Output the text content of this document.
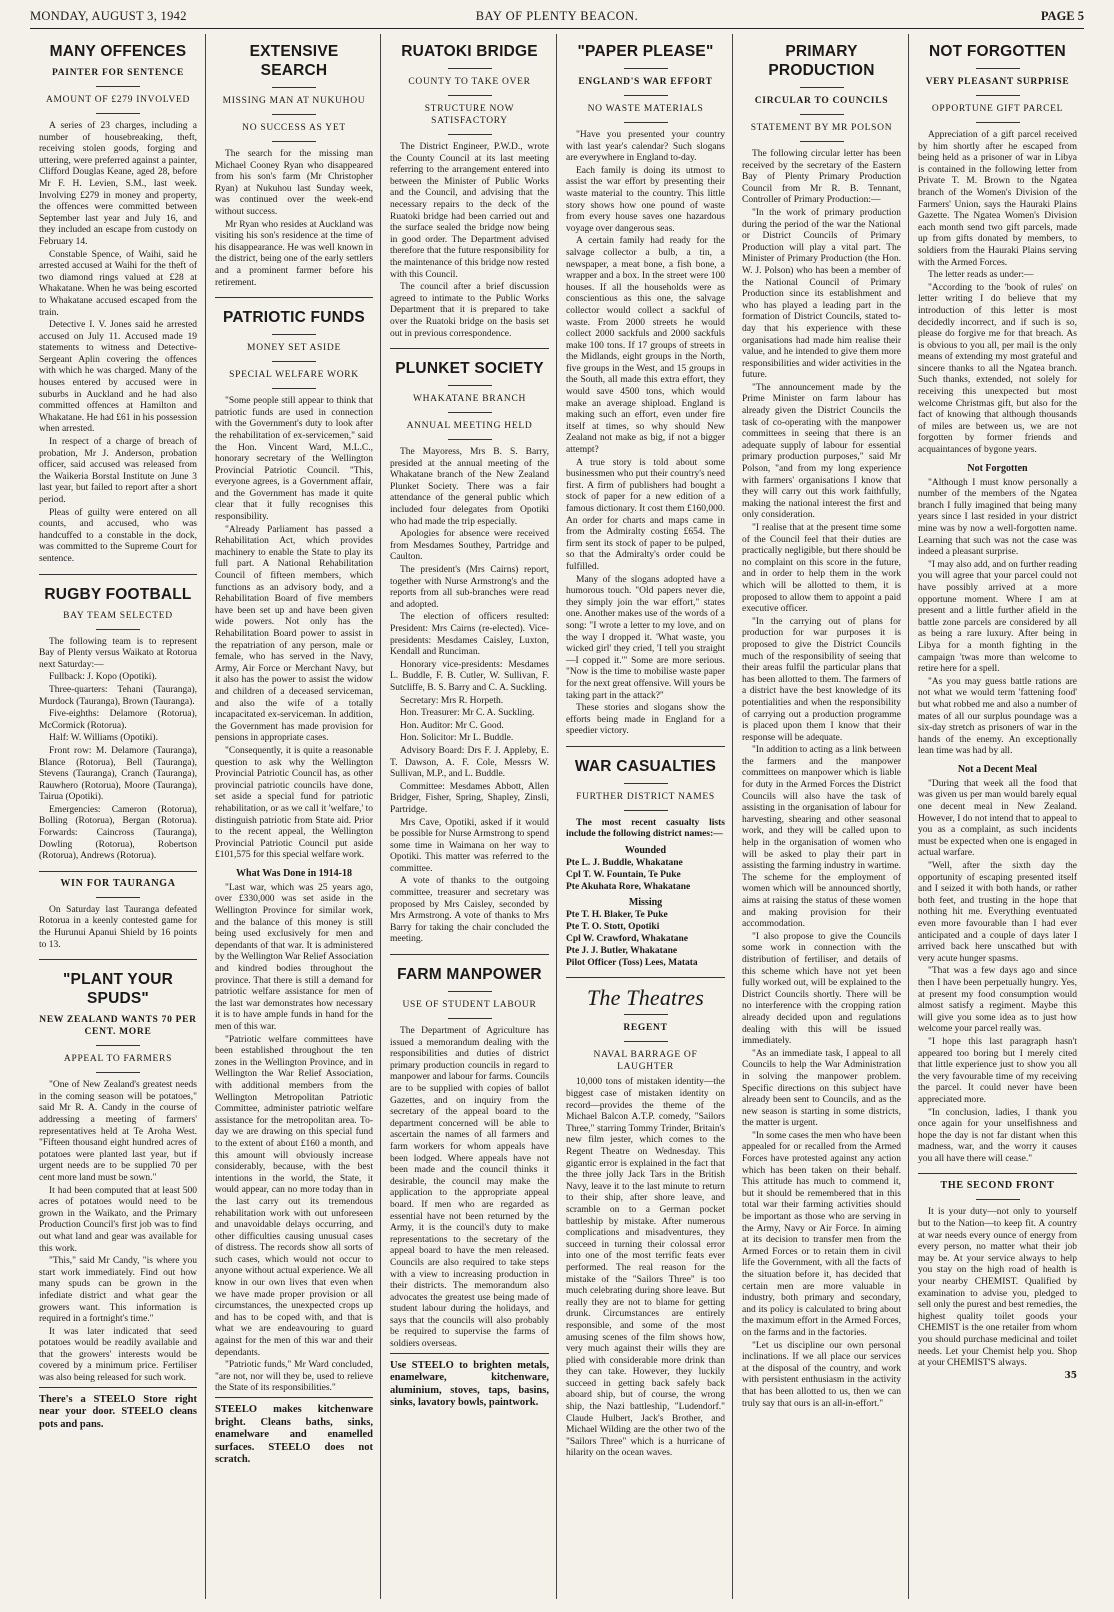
MONDAY, AUGUST 3, 1942	BAY OF PLENTY BEACON.	PAGE 5
MANY OFFENCES
PAINTER FOR SENTENCE
AMOUNT OF £279 INVOLVED

A series of 23 charges, including a number of housebreaking, theft, receiving stolen goods, forging and uttering, were preferred against a painter, Clifford Douglas Keane, aged 28, before Mr F. H. Levien, S.M., last week. Involving £279 in money and property, the offences were committed between September last year and July 16, and they included an escape from custody on February 14.

Constable Spence, of Waihi, said he arrested accused at Waihi for the theft of two diamond rings valued at £28 at Whakatane. When he was being escorted to Whakatane accused escaped from the train.

Detective I. V. Jones said he arrested accused on July 11. Accused made 19 statements to witness and Detective-Sergeant Aplin covering the offences with which he was charged. Many of the houses entered by accused were in suburbs in Auckland and he had also committed offences at Hamilton and Whakatane. He had £61 in his possession when arrested.

In respect of a charge of breach of probation, Mr J. Anderson, probation officer, said accused was released from the Waikeria Borstal Institute on June 3 last year, but failed to report after a short period.

Pleas of guilty were entered on all counts, and accused, who was handcuffed to a constable in the dock, was committed to the Supreme Court for sentence.

RUGBY FOOTBALL
BAY TEAM SELECTED

The following team is to represent Bay of Plenty versus Waikato at Rotorua next Saturday:—

Fullback: J. Kopo (Opotiki).

Three-quarters: Tehani (Tauranga), Murdock (Tauranga), Brown (Tauranga).

Five-eighths: Delamore (Rotorua), McCormick (Rotorua).

Half: W. Williams (Opotiki).

Front row: M. Delamore (Tauranga), Blance (Rotorua), Bell (Tauranga), Stevens (Tauranga), Cranch (Tauranga), Rauwhero (Rotorua), Moore (Tauranga), Tairua (Opotiki).

Emergencies: Cameron (Rotorua), Bolling (Rotorua), Bergan (Rotorua). Forwards: Caincross (Tauranga), Dowling (Rotorua), Robertson (Rotorua), Andrews (Rotorua).

WIN FOR TAURANGA

On Saturday last Tauranga defeated Rotorua in a keenly contested game for the Hurunui Apanui Shield by 16 points to 13.

"PLANT YOUR SPUDS"
NEW ZEALAND WANTS 70 PER CENT. MORE
APPEAL TO FARMERS

"One of New Zealand's greatest needs in the coming season will be potatoes," said Mr R. A. Candy in the course of addressing a meeting of farmers' representatives held at Te Aroha West. "Fifteen thousand eight hundred acres of potatoes were planted last year, but if urgent needs are to be supplied 70 per cent more land must be sown."

It had been computed that at least 500 acres of potatoes would need to be grown in the Waikato, and the Primary Production Council's first job was to find out what land and gear was available for this work.

"This," said Mr Candy, "is where you start work immediately. Find out how many spuds can be grown in the infediate district and what gear the growers want. This information is required in a fortnight's time."

It was later indicated that seed potatoes would be readily available and that the growers' interests would be covered by a minimum price. Fertiliser was also being released for such work.

There's a STEELO Store right near your door. STEELO cleans pots and pans.

EXTENSIVE SEARCH
MISSING MAN AT NUKUHOU
NO SUCCESS AS YET

The search for the missing man Michael Cooney Ryan who disappeared from his son's farm (Mr Christopher Ryan) at Nukuhou last Sunday week, was continued over the week-end without success.

Mr Ryan who resides at Auckland was visiting his son's residence at the time of his disappearance. He was well known in the district, being one of the early settlers and a prominent farmer before his retirement.

PATRIOTIC FUNDS
MONEY SET ASIDE
SPECIAL WELFARE WORK

"Some people still appear to think that patriotic funds are used in connection with the Government's duty to look after the rehabilitation of ex-servicemen," said the Hon. Vincent Ward, M.L.C., honorary secretary of the Wellington Provincial Patriotic Council. "This, everyone agrees, is a Government affair, and the Government has made it quite clear that it fully recognises this responsibility.

"Already Parliament has passed a Rehabilitation Act, which provides machinery to enable the State to play its full part. A National Rehabilitation Council of fifteen members, which functions as an advisory body, and a Rehabilitation Board of five members have been set up and have been given wide powers. Not only has the Rehabilitation Board power to assist in the repatriation of any person, male or female, who has served in the Navy, Army, Air Force or Merchant Navy, but it also has the power to assist the widow and children of a deceased serviceman, and also the wife of a totally incapacitated ex-serviceman. In addition, the Government has made provision for pensions in appropriate cases.

"Consequently, it is quite a reasonable question to ask why the Wellington Provincial Patriotic Council has, as other provincial patriotic councils have done, set aside a special fund for patriotic rehabilitation, or as we call it 'welfare,' to distinguish patriotic from State aid. Prior to the recent appeal, the Wellington Provincial Patriotic Council put aside £101,575 for this special welfare work.

What Was Done in 1914-18

"Last war, which was 25 years ago, over £330,000 was set aside in the Wellington Province for similar work, and the balance of this money is still being used exclusively for men and dependants of that war. It is administered by the Wellington War Relief Association and kindred bodies throughout the province. That there is still a demand for patriotic welfare assistance for men of the last war demonstrates how necessary it is to have ample funds in hand for the men of this war.

"Patriotic welfare committees have been established throughout the ten zones in the Wellington Province, and in Wellington the War Relief Association, with additional members from the Wellington Metropolitan Patriotic Committee, administer patriotic welfare assistance for the metropolitan area. To-day we are drawing on this special fund to the extent of about £160 a month, and this amount will obviously increase considerably, because, with the best intentions in the world, the State, it would appear, can no more today than in the last carry out its tremendous rehabilitation work with out unforeseen and unavoidable delays occurring, and other difficulties causing unusual cases of distress. The records show all sorts of such cases, which would not occur to anyone without actual experience. We all know in our own lives that even when we have made proper provision or all circumstances, the unexpected crops up and has to be coped with, and that is what we are endeavouring to guard against for the men of this war and their dependants.

"Patriotic funds," Mr Ward concluded, "are not, nor will they be, used to relieve the State of its responsibilities."

STEELO makes kitchenware bright. Cleans baths, sinks, enamelware and enamelled surfaces. STEELO does not scratch.

RUATOKI BRIDGE
COUNTY TO TAKE OVER
STRUCTURE NOW SATISFACTORY

The District Engineer, P.W.D., wrote the County Council at its last meeting referring to the arrangement entered into between the Minister of Public Works and the Council, and advising that the necessary repairs to the deck of the Ruatoki bridge had been carried out and the surface sealed the bridge now being in good order. The Department advised therefore that the future responsibility for the maintenance of this bridge now rested with this Council.

The council after a brief discussion agreed to intimate to the Public Works Department that it is prepared to take over the Ruatoki bridge on the basis set out in previous correspondence.

PLUNKET SOCIETY
WHAKATANE BRANCH
ANNUAL MEETING HELD

The Mayoress, Mrs B. S. Barry, presided at the annual meeting of the Whakatane branch of the New Zealand Plunket Society. There was a fair attendance of the general public which included four delegates from Opotiki who had made the trip especially.

Apologies for absence were received from Mesdames Southey, Partridge and Caulton.

The president's (Mrs Cairns) report, together with Nurse Armstrong's and the reports from all sub-branches were read and adopted.

The election of officers resulted: President: Mrs Cairns (re-elected). Vice-presidents: Mesdames Caisley, Luxton, Kendall and Runciman.

Honorary vice-presidents: Mesdames L. Buddle, F. B. Cutler, W. Sullivan, F. Sutcliffe, B. S. Barry and C. A. Suckling.

Secretary: Mrs R. Horpeth.

Hon. Treasurer: Mr C. A. Suckling.

Hon. Auditor: Mr C. Good.

Hon. Solicitor: Mr L. Buddle.

Advisory Board: Drs F. J. Appleby, E. T. Dawson, A. F. Cole, Messrs W. Sullivan, M.P., and L. Buddle.

Committee: Mesdames Abbott, Allen Bridger, Fisher, Spring, Shapley, Zinsli, Partridge.

Mrs Cave, Opotiki, asked if it would be possible for Nurse Armstrong to spend some time in Waimana on her way to Opotiki. This matter was referred to the committee.

A vote of thanks to the outgoing committee, treasurer and secretary was proposed by Mrs Caisley, seconded by Mrs Armstrong. A vote of thanks to Mrs Barry for taking the chair concluded the meeting.

FARM MANPOWER
USE OF STUDENT LABOUR

The Department of Agriculture has issued a memorandum dealing with the responsibilities and duties of district primary production councils in regard to manpower and labour for farms. Councils are to be supplied with copies of ballot Gazettes, and on inquiry from the secretary of the appeal board to the department concerned will be able to ascertain the names of all farmers and farm workers for whom appeals have been lodged. Where appeals have not been made and the council thinks it desirable, the council may make the application to the appropriate appeal board. If men who are regarded as essential have not been returned by the Army, it is the council's duty to make representations to the secretary of the appeal board to have the men released. Councils are also required to take steps with a view to increasing production in their districts. The memorandum also advocates the greatest use being made of student labour during the holidays, and says that the councils will also probably be required to supervise the farms of soldiers overseas.

Use STEELO to brighten metals, enamelware, kitchenware, aluminium, stoves, taps, basins, sinks, lavatory bowls, paintwork.

"PAPER PLEASE"
ENGLAND'S WAR EFFORT
NO WASTE MATERIALS

"Have you presented your country with last year's calendar? Such slogans are everywhere in England to-day.

Each family is doing its utmost to assist the war effort by presenting their waste material to the country. This little story shows how one pound of waste from every house saves one hazardous voyage over dangerous seas.

A certain family had ready for the salvage collector a bulb, a tin, a newspaper, a meat bone, a fish bone, a wrapper and a box. In the street were 100 houses. If all the households were as conscientious as this one, the salvage collector would collect a sackful of waste. From 2000 streets he would collect 2000 sackfuls and 2000 sackfuls make 100 tons. If 17 groups of streets in the Midlands, eight groups in the North, five groups in the West, and 15 groups in the South, all made this extra effort, they would save 4500 tons, which would make an average shipload. England is making such an effort, even under fire itself at times, so why should New Zealand not make as big, if not a bigger attempt?

A true story is told about some businessmen who put their country's need first. A firm of publishers had bought a stock of paper for a new edition of a famous dictionary. It cost them £160,000. An order for charts and maps came in from the Admiralty costing £654. The firm sent its stock of paper to be pulped, so that the Admiralty's order could be fulfilled.

Many of the slogans adopted have a humorous touch. "Old papers never die, they simply join the war effort," states one. Another makes use of the words of a song: "I wrote a letter to my love, and on the way I dropped it. 'What waste, you wicked girl' they cried, 'I tell you straight—I copped it.'" Some are more serious. "Now is the time to mobilise waste paper for the next great offensive. Will yours be taking part in the attack?"

These stories and slogans show the efforts being made in England for a speedier victory.

WAR CASUALTIES
FURTHER DISTRICT NAMES

The most recent casualty lists include the following district names:—

Wounded

Pte L. J. Buddle, Whakatane

Cpl T. W. Fountain, Te Puke

Pte Akuhata Rore, Whakatane

Missing

Pte T. H. Blaker, Te Puke

Pte T. O. Stott, Opotiki

Cpl W. Crawford, Whakatane

Pte J. J. Butler, Whakatane

Pilot Officer (Toss) Lees, Matata

The Theatres
REGENT
NAVAL BARRAGE OF LAUGHTER

10,000 tons of mistaken identity—the biggest case of mistaken identity on record—provides the theme of the Michael Balcon A.T.P. comedy, "Sailors Three," starring Tommy Trinder, Britain's new film jester, which comes to the Regent Theatre on Wednesday. This gigantic error is explained in the fact that the three jolly Jack Tars in the British Navy, leave it to the last minute to return to their ship, after shore leave, and scramble on to a German pocket battleship by mistake. After numerous complications and misadventures, they succeed in turning their colossal error into one of the most terrific feats ever performed. The real reason for the mistake of the "Sailors Three" is too much celebrating during shore leave. But really they are not to blame for getting drunk. Circumstances are entirely responsible, and some of the most amusing scenes of the film shows how, very much against their wills they are plied with considerable more drink than they can take. However, they luckily succeed in getting back safely back aboard ship, but of course, the wrong ship, the Nazi battleship, "Ludendorf." Claude Hulbert, Jack's Brother, and Michael Wilding are the other two of the "Sailors Three" which is a hurricane of hilarity on the ocean waves.

PRIMARY PRODUCTION
CIRCULAR TO COUNCILS
STATEMENT BY MR POLSON

The following circular letter has been received by the secretary of the Eastern Bay of Plenty Primary Production Council from Mr R. B. Tennant, Controller of Primary Production:—

"In the work of primary production during the period of the war the National or District Councils of Primary Production will play a vital part. The Minister of Primary Production (the Hon. W. J. Polson) who has been a member of the National Council of Primary Production since its establishment and who has played a leading part in the formation of District Councils, stated to-day that his experience with these organisations had made him realise their value, and he intended to give them more responsibilities and wider activities in the future.

"The announcement made by the Prime Minister on farm labour has already given the District Councils the task of co-operating with the manpower committees in seeing that there is an adequate supply of labour for essential primary production purposes," said Mr Polson, "and from my long experience with farmers' organisations I know that they will carry out this work faithfully, making the national interest the first and only consideration.

"I realise that at the present time some of the Council feel that their duties are practically negligible, but there should be no complaint on this score in the future, and in order to help them in the work which will be allotted to them, it is proposed to allow them to appoint a paid executive officer.

"In the carrying out of plans for production for war purposes it is proposed to give the District Councils much of the responsibility of seeing that their areas fulfil the particular plans that has been allotted to them. The farmers of a district have the best knowledge of its potentialities and when the responsibility of carrying out a production programme is placed upon them I know that their response will be adequate.

"In addition to acting as a link between the farmers and the manpower committees on manpower which is liable for duty in the Armed Forces the District Councils will also have the task of assisting in the organisation of labour for harvesting, shearing and other seasonal work, and they will be called upon to help in the organisation of women who will be asked to play their part in assisting the farming industry in wartime. The scheme for the employment of women which will be announced shortly, aims at raising the status of these women and making provision for their accommodation.

"I also propose to give the Councils some work in connection with the distribution of fertiliser, and details of this scheme which have not yet been fully worked out, will be explained to the District Councils shortly. There will be no interference with the cropping ration already decided upon and regulations dealing with this will be issued immediately.

"As an immediate task, I appeal to all Councils to help the War Administration in solving the manpower problem. Specific directions on this subject have already been sent to Councils, and as the new season is starting in some districts, the matter is urgent.

"In some cases the men who have been appealed for or recalled from the Armed Forces have protested against any action which has been taken on their behalf. This attitude has much to commend it, but it should be remembered that in this total war their farming activities should be important as those who are serving in the Army, Navy or Air Force. In aiming at its decision to transfer men from the Armed Forces or to retain them in civil life the Government, with all the facts of the situation before it, has decided that certain men are more valuable in industry, both primary and secondary, and its policy is calculated to bring about the maximum effort in the Armed Forces, on the farms and in the factories.

"Let us discipline our own personal inclinations. If we all place our services at the disposal of the country, and work with persistent enthusiasm in the activity that has been allotted to us, then we can truly say that ours is an all-in-effort."

NOT FORGOTTEN
VERY PLEASANT SURPRISE
OPPORTUNE GIFT PARCEL

Appreciation of a gift parcel received by him shortly after he escaped from being held as a prisoner of war in Libya is contained in the following letter from Private T. M. Brown to the Ngatea branch of the Women's Division of the Farmers' Union, says the Hauraki Plains Gazette. The Ngatea Women's Division each month send two gift parcels, made up from gifts donated by members, to soldiers from the Hauraki Plains serving with the Armed Forces.

The letter reads as under:—

"According to the 'book of rules' on letter writing I do believe that my introduction of this letter is most decidedly incorrect, and if such is so, please do forgive me for that breach. As is obvious to you all, per mail is the only means of extending my most grateful and sincere thanks to all the Ngatea branch. Such thanks, extended, not solely for receiving this unexpected but most welcome Christmas gift, but also for the fact of knowing that although thousands of miles are between us, we are not forgotten by former friends and acquaintances of bygone years.

Not Forgotten

"Although I must know personally a number of the members of the Ngatea branch I fully imagined that being many years since I last resided in your district mine was by now a well-forgotten name. Learning that such was not the case was indeed a pleasant surprise.

"I may also add, and on further reading you will agree that your parcel could not have possibly arrived at a more opportune moment. Where I am at present and a little further afield in the battle zone parcels are considered by all as being a rare luxury. After being in Libya for a month fighting in the campaign 'twas more than welcome to retire here for a spell.

"As you may guess battle rations are not what we would term 'fattening food' but what robbed me and also a number of mates of all our surplus poundage was a six-day stretch as prisoners of war in the hands of the enemy. An exceptionally lean time was had by all.

Not a Decent Meal

"During that week all the food that was given us per man would barely equal one decent meal in New Zealand. However, I do not intend that to appeal to you as a complaint, as such incidents must be expected when one is engaged in actual warfare.

"Well, after the sixth day the opportunity of escaping presented itself and I seized it with both hands, or rather both feet, and trusting in the hope that nothing hit me. Everything eventuated even more favourable than I had ever anticipated and a couple of days later I arrived back here unscathed but with very acute hunger spasms.

"That was a few days ago and since then I have been perpetually hungry. Yes, at present my food consumption would almost satisfy a regiment. Maybe this will give you some idea as to just how welcome your parcel really was.

"I hope this last paragraph hasn't appeared too boring but I merely cited that little experience just to show you all the very favourable time of my receiving the parcel. It could never have been appreciated more.

"In conclusion, ladies, I thank you once again for your unselfishness and hope the day is not far distant when this madness, war, and the worry it causes you all have there will cease."

THE SECOND FRONT

It is your duty—not only to yourself but to the Nation—to keep fit. A country at war needs every ounce of energy from every person, no matter what their job may be. At your service always to help you stay on the high road of health is your nearby CHEMIST. Qualified by examination to advise you, pledged to sell only the purest and best remedies, the highest quality toilet goods your CHEMIST is the one retailer from whom you should purchase medicinal and toilet needs. Let your Chemist help you. Shop at your CHEMIST'S always.

35
